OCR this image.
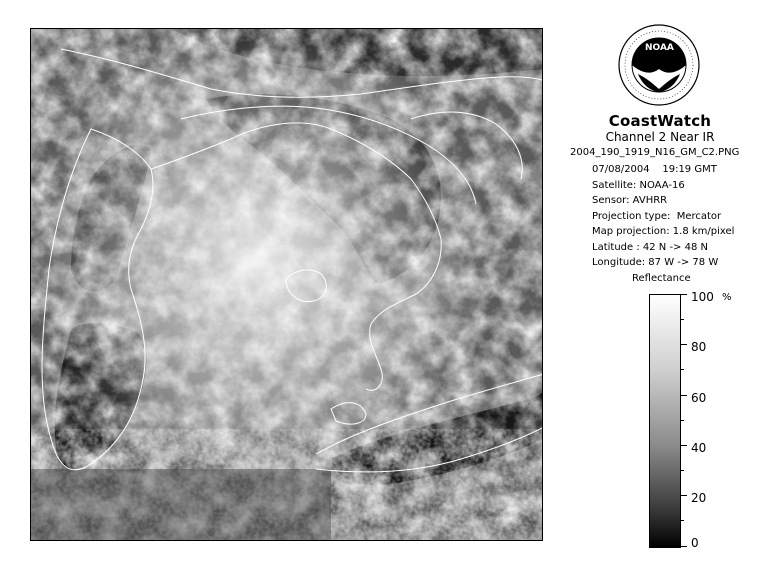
NOAA
CoastWatch
Channel 2 Near IR
2004_190_1919_N16_GM_C2.PNG
07/08/2004    19:19 GMT
Satellite: NOAA-16
Sensor: AVHRR
Projection type:  Mercator
Map projection: 1.8 km/pixel
Latitude : 42 N -> 48 N
Longitude: 87 W -> 78 W
Reflectance
%
100
80
60
40
20
0
